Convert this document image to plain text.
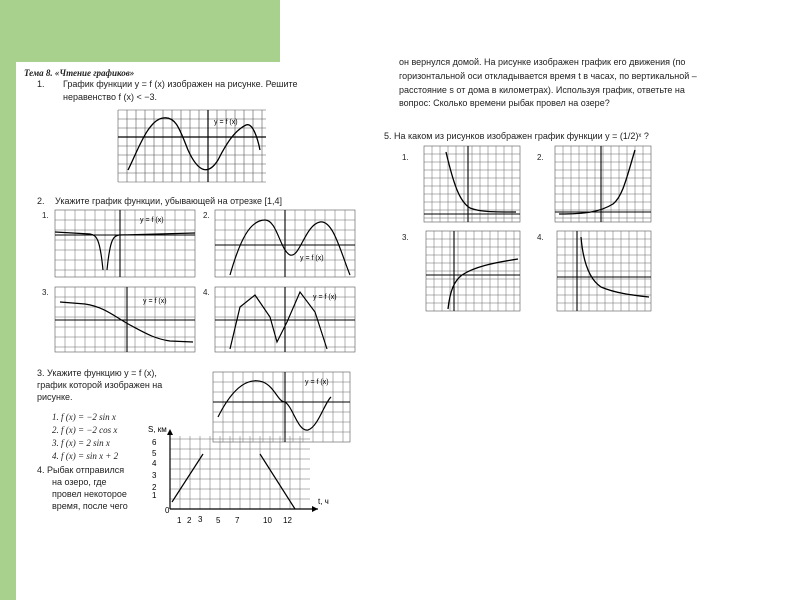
Тема 8. «Чтение графиков»
1. График функции y = f (x) изображен на рисунке. Решите
неравенство f (x) < −3.
y = f (x)
2. Укажите график функции, убывающей на отрезке [1,4]
1.
y = f (x)
2.
y = f (x)
3.
y = f (x)
4.
y = f (x)
3. Укажите функцию y = f (x),
график которой изображен на
рисунке.
1. f (x) = −2 sin x
2. f (x) = −2 cos x
3. f (x) = 2 sin x
4. f (x) = sin x + 2
y = f (x)
4. Рыбак отправился
на озеро, где
провел некоторое
время, после чего
S, км
t, ч
6
5
4
3
2
1
0
1 2 3 5 7	10 12
он вернулся домой. На рисунке изображен график его движения (по
горизонтальной оси откладывается время t в часах, по вертикальной –
расстояние s от дома в километрах). Используя график, ответьте на
вопрос: Сколько времени рыбак провел на озере?
5. На каком из рисунков изображен график функции y = (1/2)ˣ ?
1.	2.
3.	4.
